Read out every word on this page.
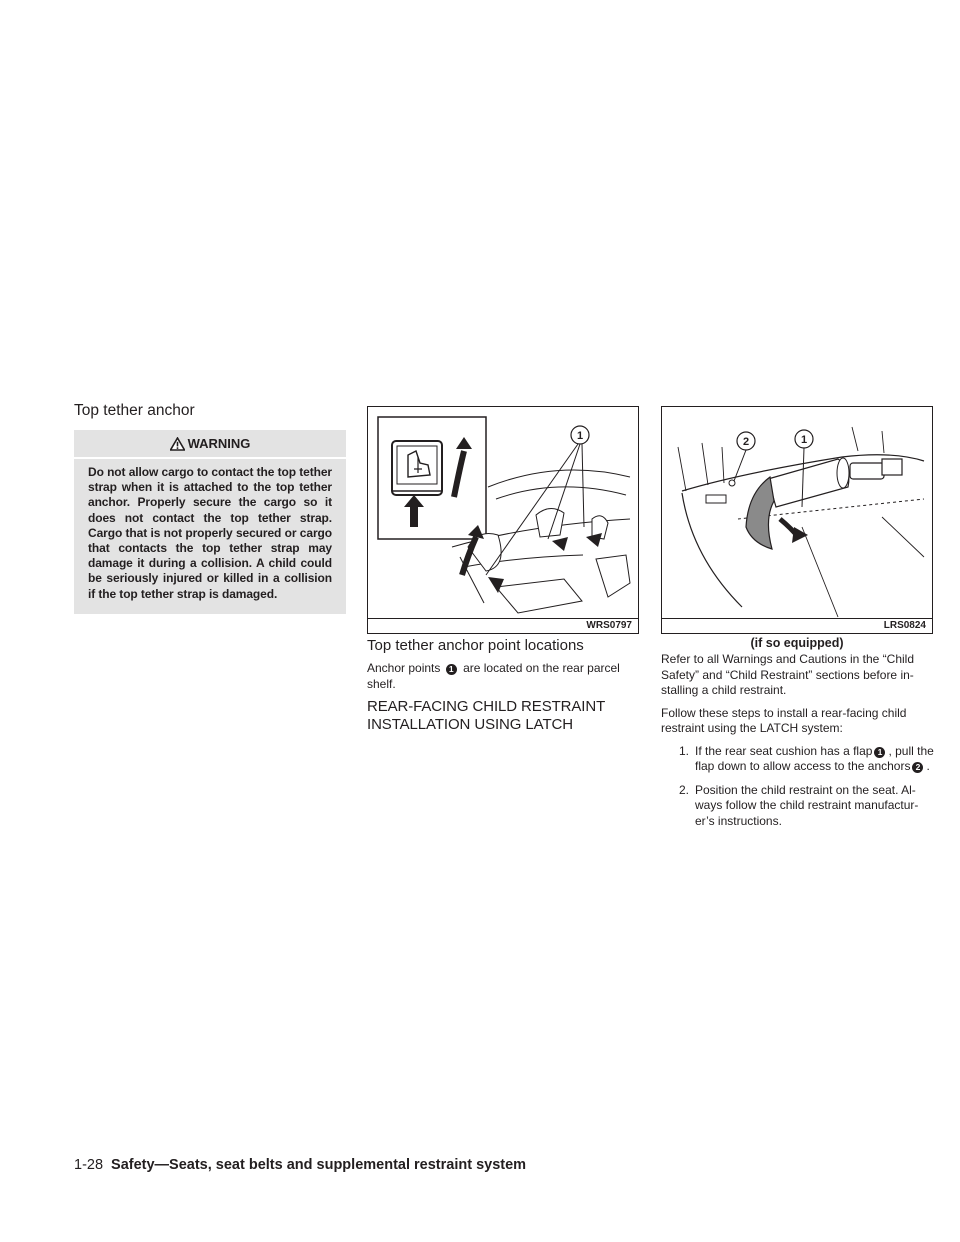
Top tether anchor
WARNING
Do not allow cargo to contact the top tether strap when it is attached to the top tether anchor. Properly secure the cargo so it does not contact the top tether strap. Cargo that is not properly secured or cargo that contacts the top tether strap may damage it during a collision. A child could be seriously injured or killed in a collision if the top tether strap is damaged.
1
WRS0797
Top tether anchor point locations
Anchor points 1 are located on the rear parcel shelf.
REAR-FACING CHILD RESTRAINT INSTALLATION USING LATCH
2	1
LRS0824
(if so equipped)

Refer to all Warnings and Cautions in the “Child Safety” and “Child Restraint” sections before in-stalling a child restraint.

Follow these steps to install a rear-facing child restraint using the LATCH system:

1. If the rear seat cushion has a flap 1 , pull the flap down to allow access to the anchors 2 .
2. Position the child restraint on the seat. Al-ways follow the child restraint manufactur-er’s instructions.
1-28 Safety—Seats, seat belts and supplemental restraint system
